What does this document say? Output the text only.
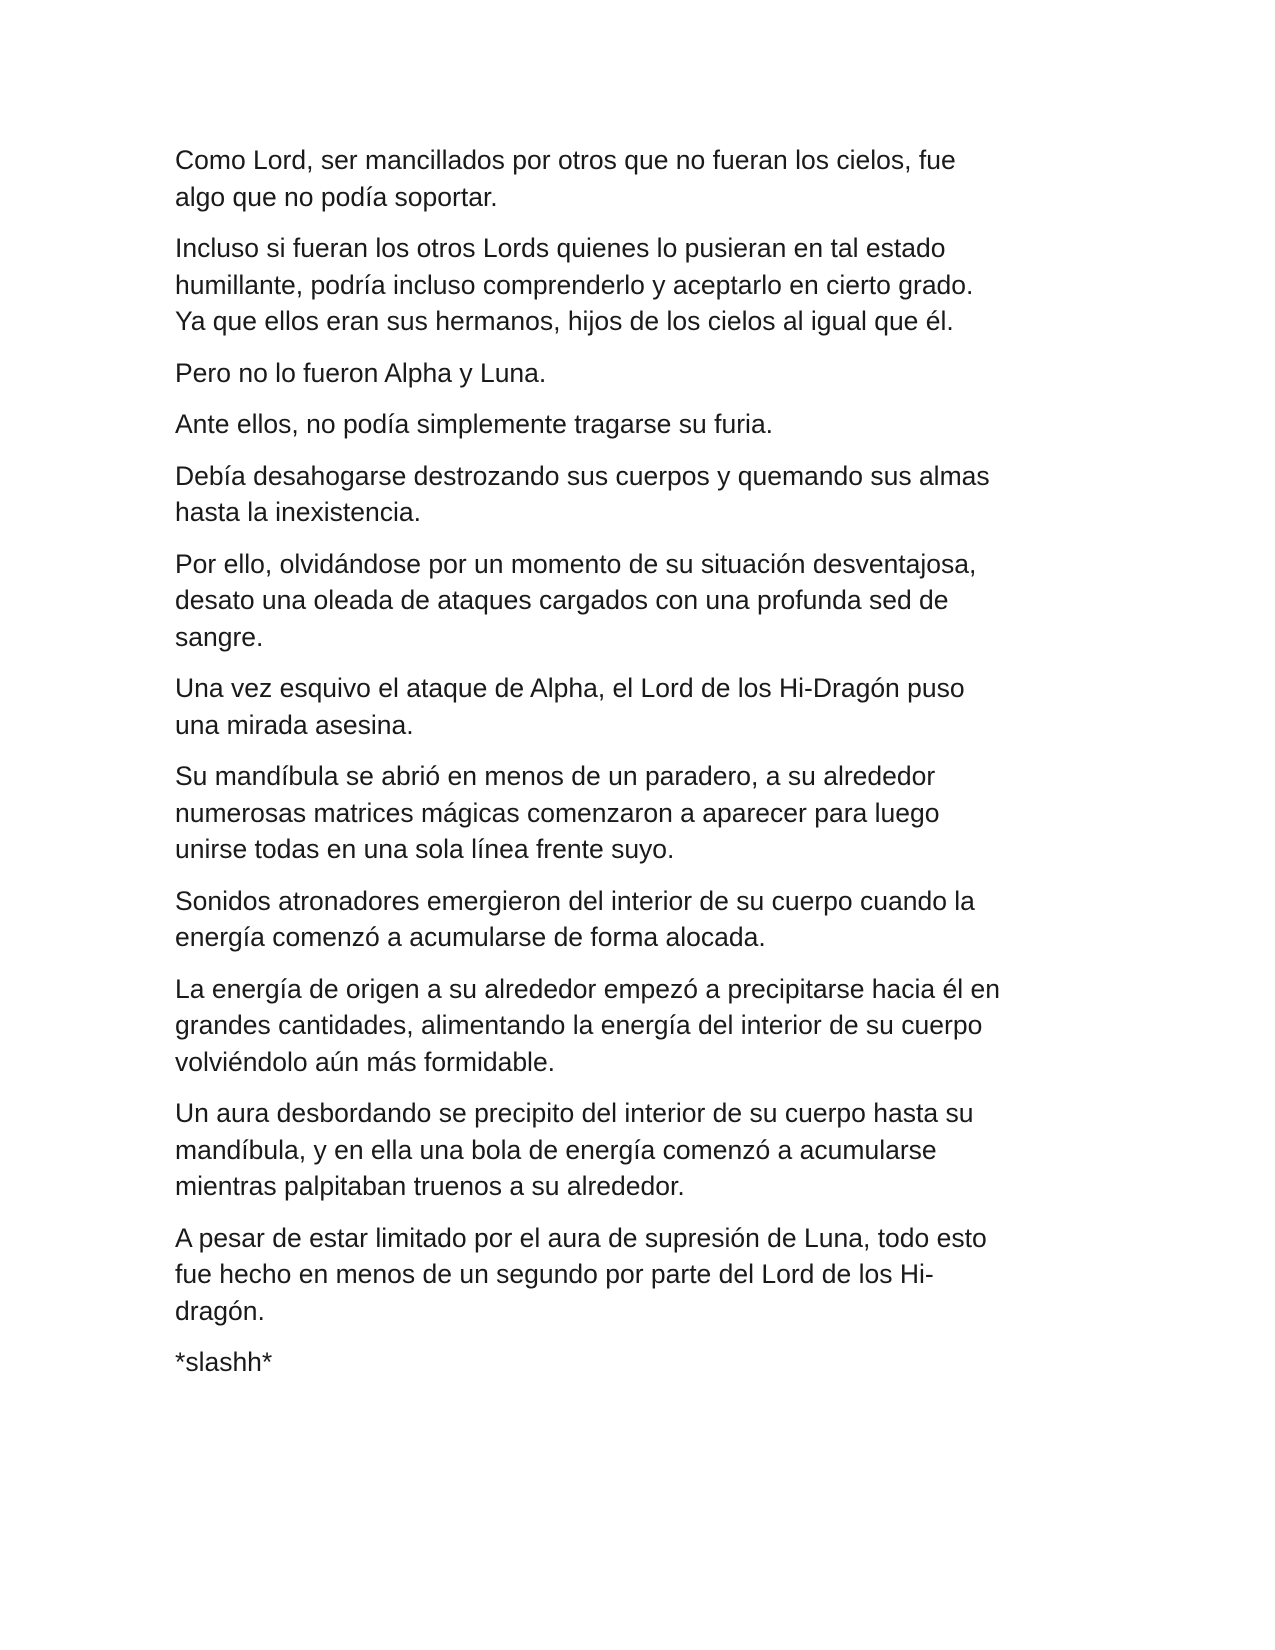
Como Lord, ser mancillados por otros que no fueran los cielos, fue
algo que no podía soportar.

Incluso si fueran los otros Lords quienes lo pusieran en tal estado
humillante, podría incluso comprenderlo y aceptarlo en cierto grado.
Ya que ellos eran sus hermanos, hijos de los cielos al igual que él.

Pero no lo fueron Alpha y Luna.

Ante ellos, no podía simplemente tragarse su furia.

Debía desahogarse destrozando sus cuerpos y quemando sus almas
hasta la inexistencia.

Por ello, olvidándose por un momento de su situación desventajosa,
desato una oleada de ataques cargados con una profunda sed de
sangre.

Una vez esquivo el ataque de Alpha, el Lord de los Hi-Dragón puso
una mirada asesina.

Su mandíbula se abrió en menos de un paradero, a su alrededor
numerosas matrices mágicas comenzaron a aparecer para luego
unirse todas en una sola línea frente suyo.

Sonidos atronadores emergieron del interior de su cuerpo cuando la
energía comenzó a acumularse de forma alocada.

La energía de origen a su alrededor empezó a precipitarse hacia él en
grandes cantidades, alimentando la energía del interior de su cuerpo
volviéndolo aún más formidable.

Un aura desbordando se precipito del interior de su cuerpo hasta su
mandíbula, y en ella una bola de energía comenzó a acumularse
mientras palpitaban truenos a su alrededor.

A pesar de estar limitado por el aura de supresión de Luna, todo esto
fue hecho en menos de un segundo por parte del Lord de los Hi-
dragón.

*slashh*
